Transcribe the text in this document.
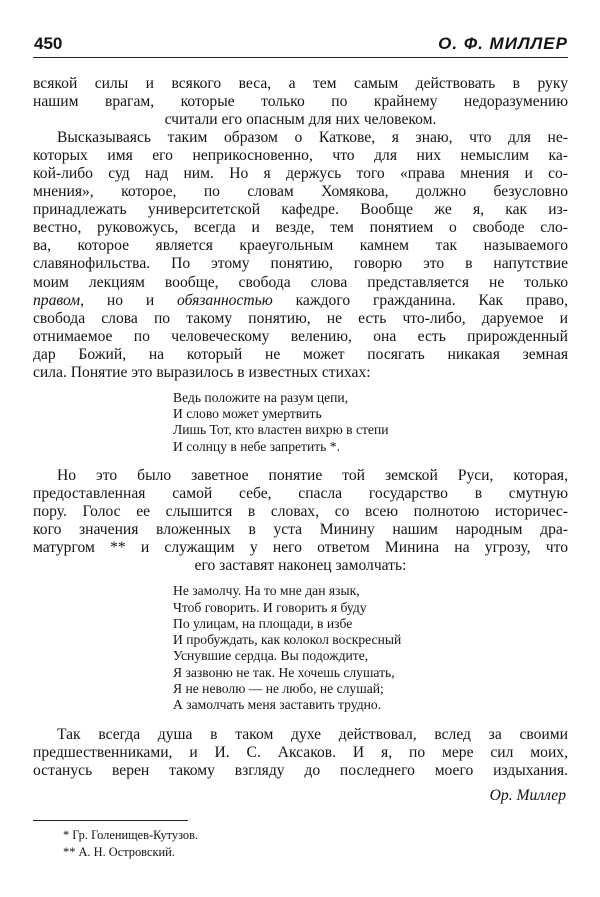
450	О. Ф. МИЛЛЕР
всякой силы и всякого веса, а тем самым действовать в руку
нашим врагам, которые только по крайнему недоразумению
считали его опасным для них человеком.
Высказываясь таким образом о Каткове, я знаю, что для не-
которых имя его неприкосновенно, что для них немыслим ка-
кой-либо суд над ним. Но я держусь того «права мнения и со-
мнения», которое, по словам Хомякова, должно безусловно
принадлежать университетской кафедре. Вообще же я, как из-
вестно, руковожусь, всегда и везде, тем понятием о свободе сло-
ва, которое является краеугольным камнем так называемого
славянофильства. По этому понятию, говорю это в напутствие
моим лекциям вообще, свобода слова представляется не только
правом, но и обязанностью каждого гражданина. Как право,
свобода слова по такому понятию, не есть что-либо, даруемое и
отнимаемое по человеческому велению, она есть прирожденный
дар Божий, на который не может посягать никакая земная
сила. Понятие это выразилось в известных стихах:
Ведь положите на разум цепи,
И слово может умертвить
Лишь Тот, кто властен вихрю в степи
И солнцу в небе запретить *.
Но это было заветное понятие той земской Руси, которая,
предоставленная самой себе, спасла государство в смутную
пору. Голос ее слышится в словах, со всею полнотою историчес-
кого значения вложенных в уста Минину нашим народным дра-
матургом ** и служащим у него ответом Минина на угрозу, что
его заставят наконец замолчать:
Не замолчу. На то мне дан язык,
Чтоб говорить. И говорить я буду
По улицам, на площади, в избе
И пробуждать, как колокол воскресный
Уснувшие сердца. Вы подождите,
Я зазвоню не так. Не хочешь слушать,
Я не неволю — не любо, не слушай;
А замолчать меня заставить трудно.
Так всегда душа в таком духе действовал, вслед за своими
предшественниками, и И. С. Аксаков. И я, по мере сил моих,
останусь верен такому взгляду до последнего моего издыхания.
Ор. Миллер
* Гр. Голенищев-Кутузов.
** А. Н. Островский.
